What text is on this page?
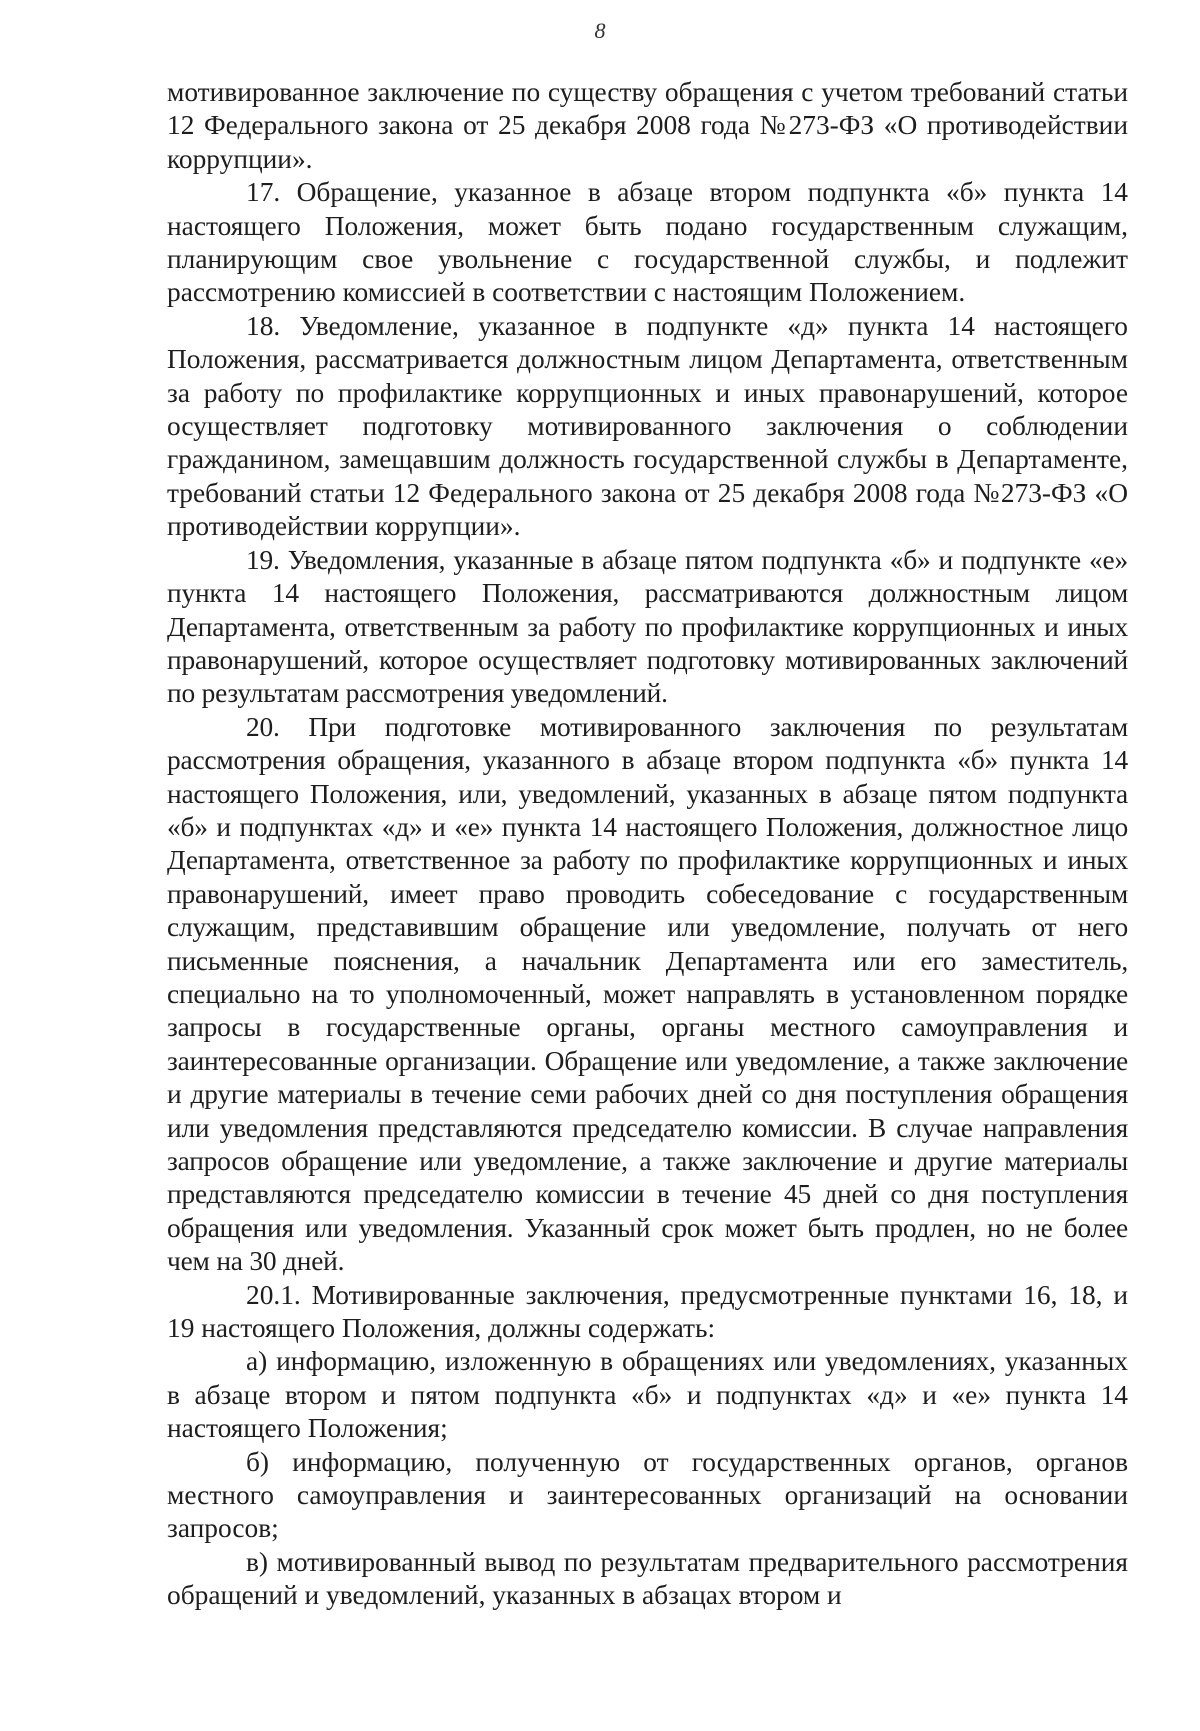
8

мотивированное заключение по существу обращения с учетом требований статьи 12 Федерального закона от 25 декабря 2008 года №273-ФЗ «О противодействии коррупции».

17. Обращение, указанное в абзаце втором подпункта «б» пункта 14 настоящего Положения, может быть подано государственным служащим, планирующим свое увольнение с государственной службы, и подлежит рассмотрению комиссией в соответствии с настоящим Положением.

18. Уведомление, указанное в подпункте «д» пункта 14 настоящего Положения, рассматривается должностным лицом Департамента, ответственным за работу по профилактике коррупционных и иных правонарушений, которое осуществляет подготовку мотивированного заключения о соблюдении гражданином, замещавшим должность государственной службы в Департаменте, требований статьи 12 Федерального закона от 25 декабря 2008 года №273-ФЗ «О противодействии коррупции».

19. Уведомления, указанные в абзаце пятом подпункта «б» и подпункте «е» пункта 14 настоящего Положения, рассматриваются должностным лицом Департамента, ответственным за работу по профилактике коррупционных и иных правонарушений, которое осуществляет подготовку мотивированных заключений по результатам рассмотрения уведомлений.

20. При подготовке мотивированного заключения по результатам рассмотрения обращения, указанного в абзаце втором подпункта «б» пункта 14 настоящего Положения, или, уведомлений, указанных в абзаце пятом подпункта «б» и подпунктах «д» и «е» пункта 14 настоящего Положения, должностное лицо Департамента, ответственное за работу по профилактике коррупционных и иных правонарушений, имеет право проводить собеседование с государственным служащим, представившим обращение или уведомление, получать от него письменные пояснения, а начальник Департамента или его заместитель, специально на то уполномоченный, может направлять в установленном порядке запросы в государственные органы, органы местного самоуправления и заинтересованные организации. Обращение или уведомление, а также заключение и другие материалы в течение семи рабочих дней со дня поступления обращения или уведомления представляются председателю комиссии. В случае направления запросов обращение или уведомление, а также заключение и другие материалы представляются председателю комиссии в течение 45 дней со дня поступления обращения или уведомления. Указанный срок может быть продлен, но не более чем на 30 дней.

20.1. Мотивированные заключения, предусмотренные пунктами 16, 18, и 19 настоящего Положения, должны содержать:

а) информацию, изложенную в обращениях или уведомлениях, указанных в абзаце втором и пятом подпункта «б» и подпунктах «д» и «е» пункта 14 настоящего Положения;

б) информацию, полученную от государственных органов, органов местного самоуправления и заинтересованных организаций на основании запросов;

в) мотивированный вывод по результатам предварительного рассмотрения обращений и уведомлений, указанных в абзацах втором и
